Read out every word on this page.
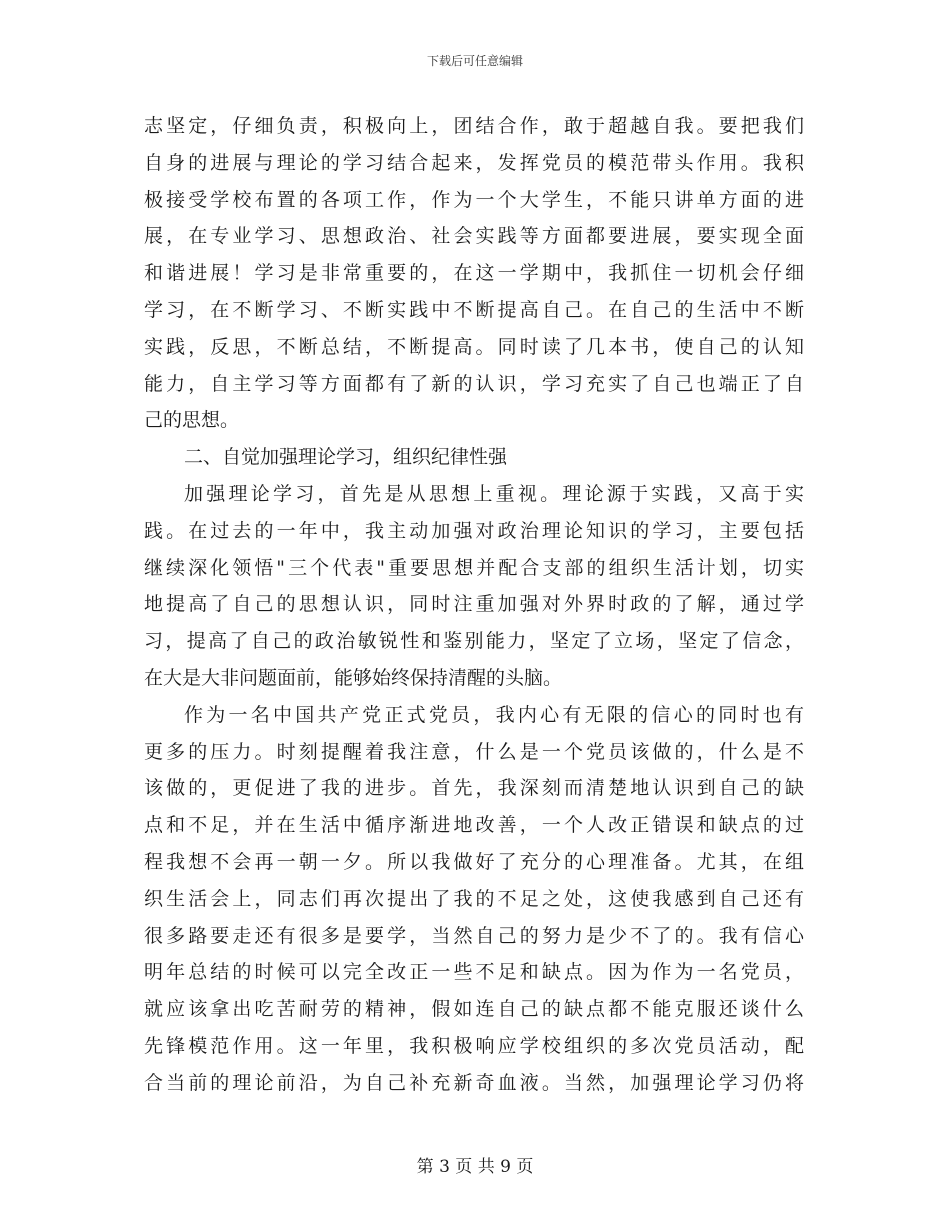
下载后可任意编辑
志坚定，仔细负责，积极向上，团结合作，敢于超越自我。要把我们
自身的进展与理论的学习结合起来，发挥党员的模范带头作用。我积
极接受学校布置的各项工作，作为一个大学生，不能只讲单方面的进
展，在专业学习、思想政治、社会实践等方面都要进展，要实现全面
和谐进展！学习是非常重要的，在这一学期中，我抓住一切机会仔细
学习，在不断学习、不断实践中不断提高自己。在自己的生活中不断
实践，反思，不断总结，不断提高。同时读了几本书，使自己的认知
能力，自主学习等方面都有了新的认识，学习充实了自己也端正了自
己的思想。
二、自觉加强理论学习，组织纪律性强
加强理论学习，首先是从思想上重视。理论源于实践，又高于实
践。在过去的一年中，我主动加强对政治理论知识的学习，主要包括
继续深化领悟"三个代表"重要思想并配合支部的组织生活计划，切实
地提高了自己的思想认识，同时注重加强对外界时政的了解，通过学
习，提高了自己的政治敏锐性和鉴别能力，坚定了立场，坚定了信念，
在大是大非问题面前，能够始终保持清醒的头脑。
作为一名中国共产党正式党员，我内心有无限的信心的同时也有
更多的压力。时刻提醒着我注意，什么是一个党员该做的，什么是不
该做的，更促进了我的进步。首先，我深刻而清楚地认识到自己的缺
点和不足，并在生活中循序渐进地改善，一个人改正错误和缺点的过
程我想不会再一朝一夕。所以我做好了充分的心理准备。尤其，在组
织生活会上，同志们再次提出了我的不足之处，这使我感到自己还有
很多路要走还有很多是要学，当然自己的努力是少不了的。我有信心
明年总结的时候可以完全改正一些不足和缺点。因为作为一名党员，
就应该拿出吃苦耐劳的精神，假如连自己的缺点都不能克服还谈什么
先锋模范作用。这一年里，我积极响应学校组织的多次党员活动，配
合当前的理论前沿，为自己补充新奇血液。当然，加强理论学习仍将
第 3 页 共 9 页
